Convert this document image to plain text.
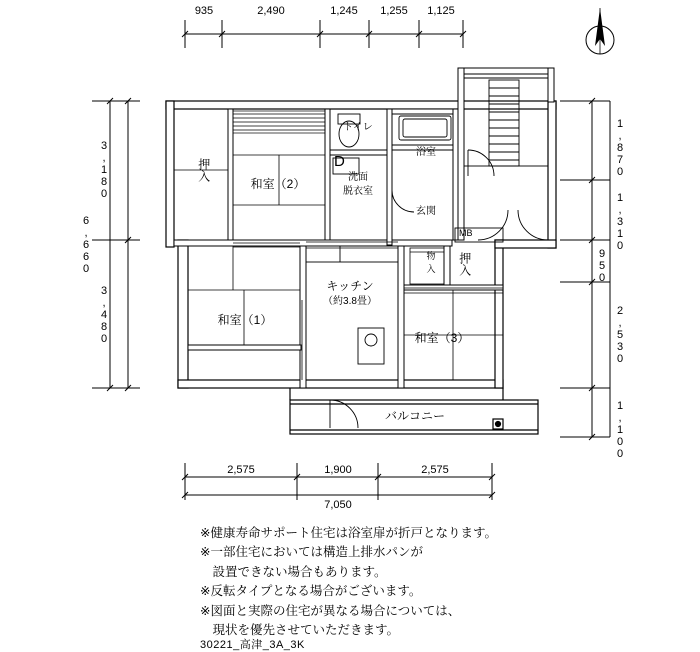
935	2,490	1,245	1,255	1,125
3,180
3,480
6,660
1,870
1,310
950
2,530
1,100
2,575	1,900	2,575
7,050
押入
和室（2）
トイレ
浴室
洗面
脱衣室
D
玄関
MB
キッチン
（約3.8畳）
和室（1）
和室（3）
物
入 押入
バルコニー
※健康寿命サポート住宅は浴室扉が折戸となります。
※一部住宅においては構造上排水パンが
　設置できない場合もあります。
※反転タイプとなる場合がございます。
※図面と実際の住宅が異なる場合については、
　現状を優先させていただきます。
30221_高津_3A_3K
